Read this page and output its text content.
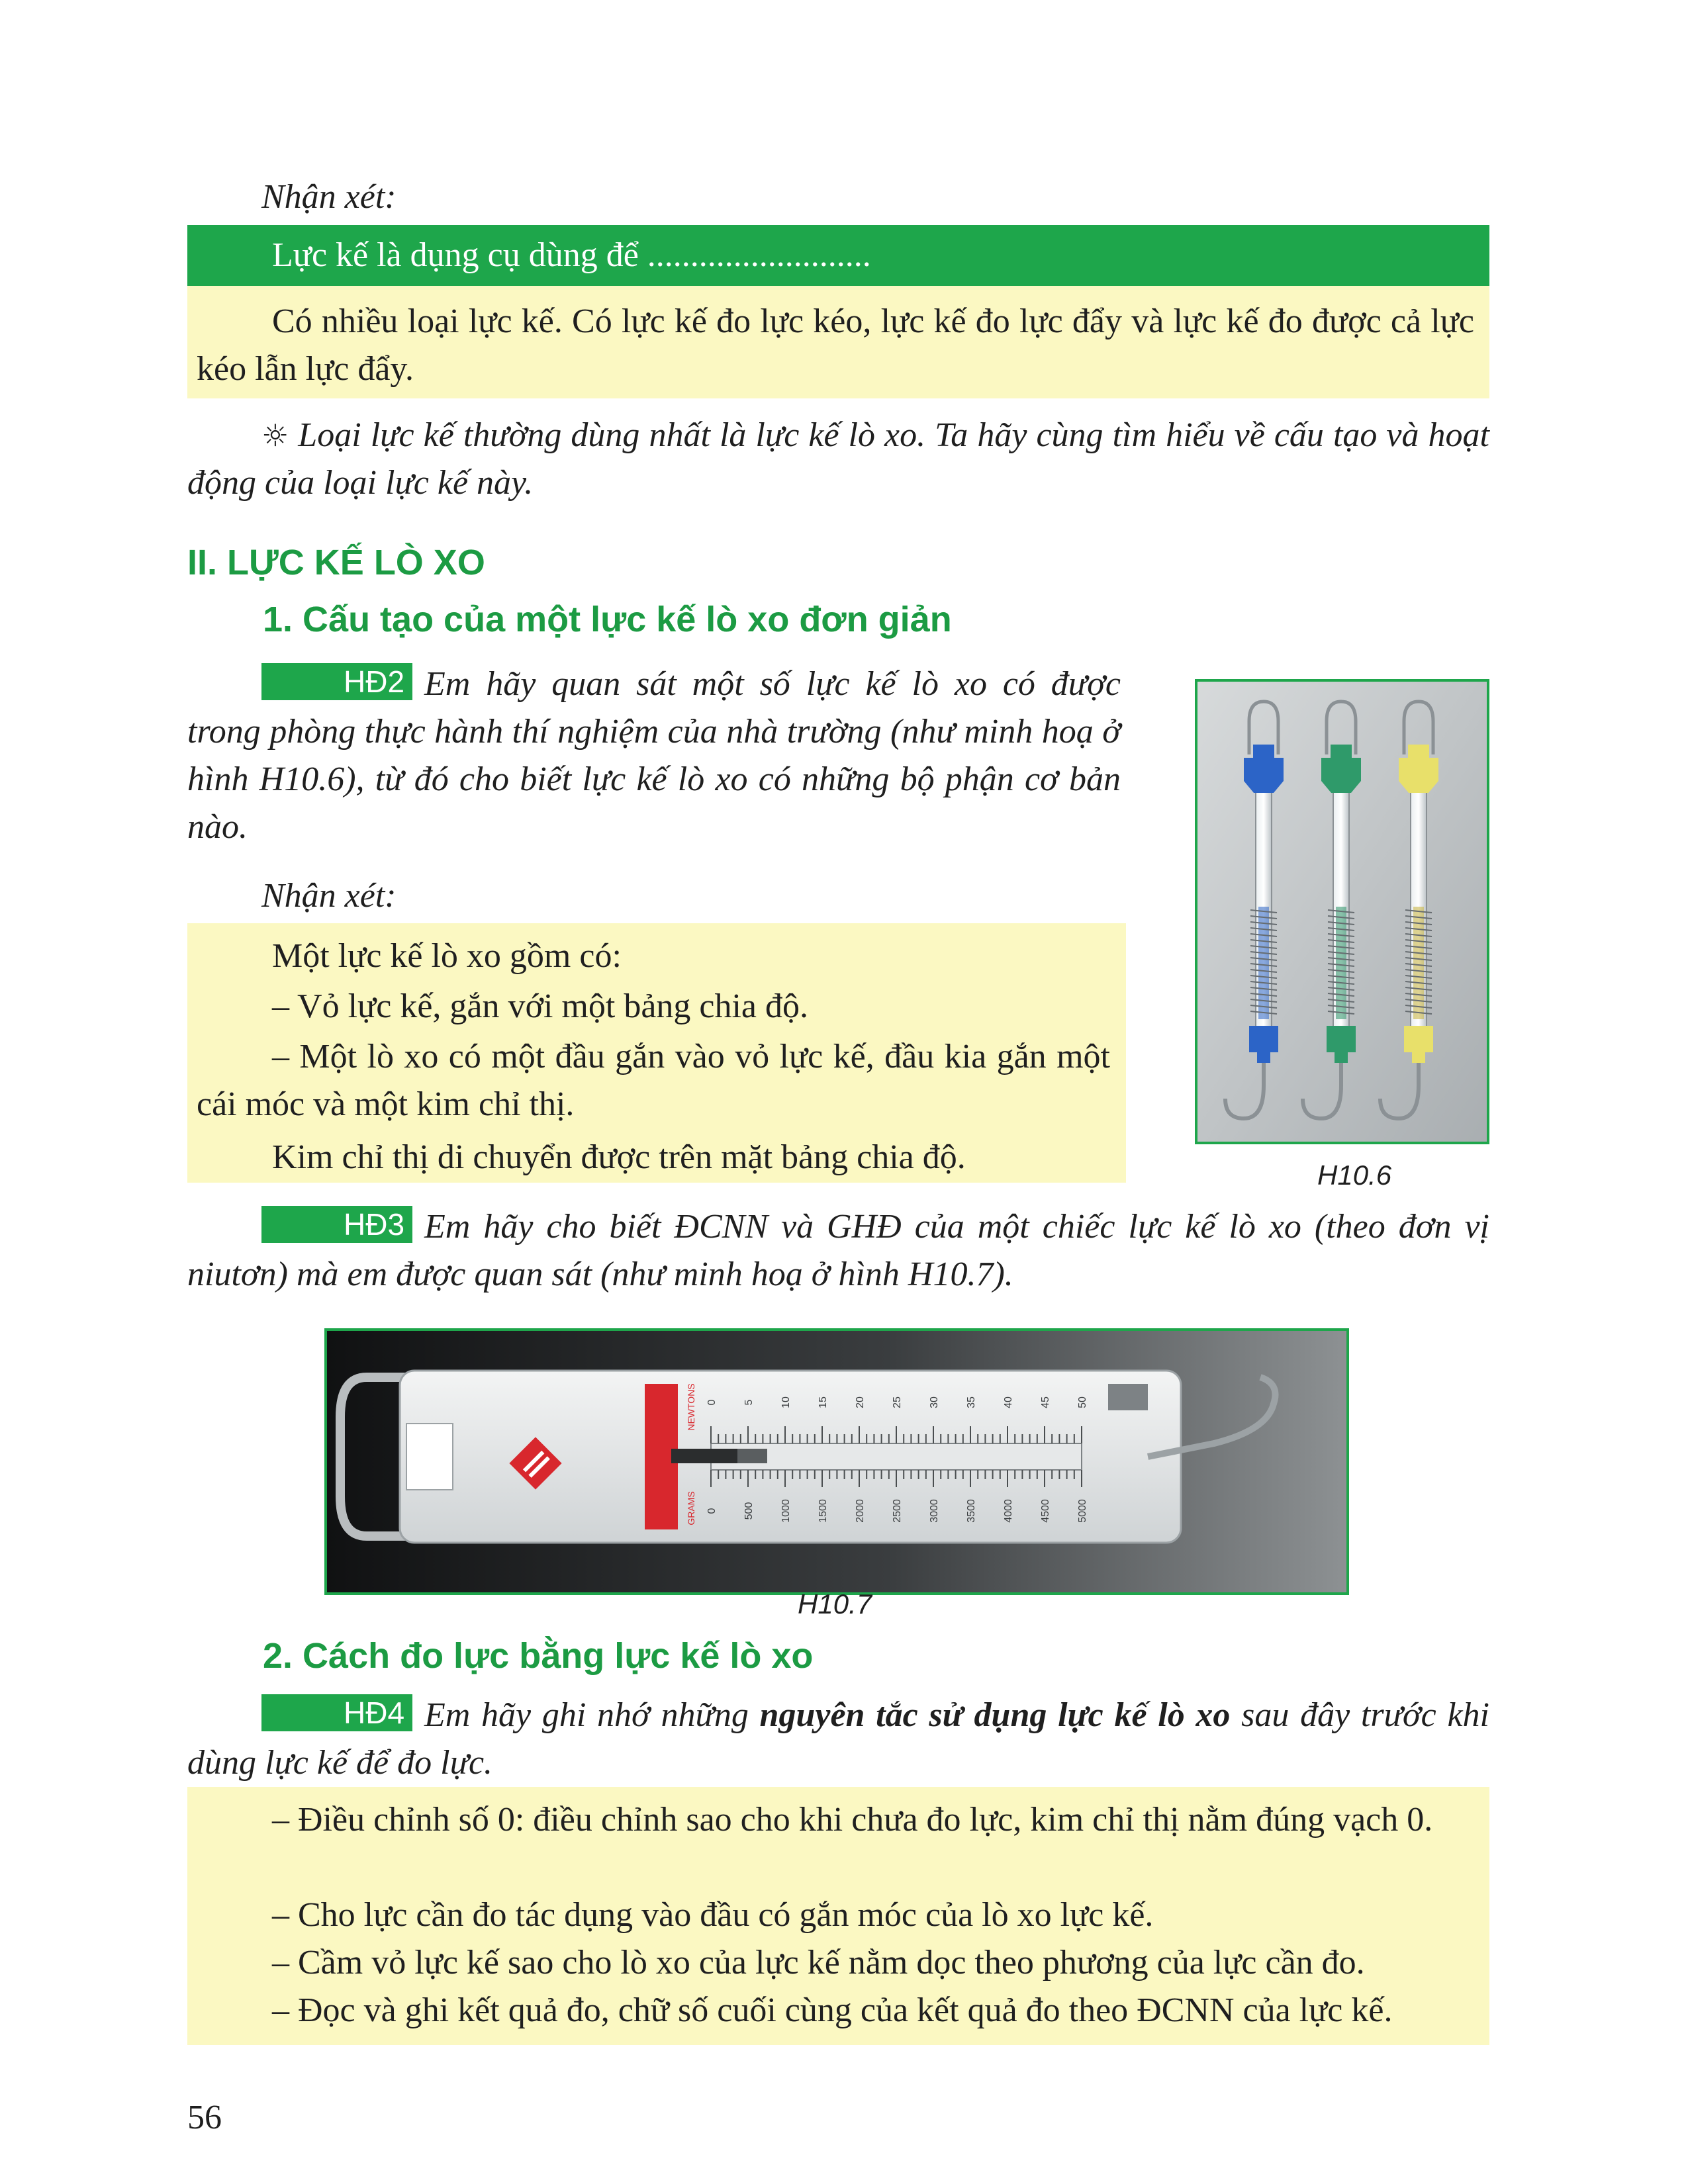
Nhận xét:
Lực kế là dụng cụ dùng để ..........................
Có nhiều loại lực kế. Có lực kế đo lực kéo, lực kế đo lực đẩy và lực kế đo được cả lực kéo lẫn lực đẩy.
☼ Loại lực kế thường dùng nhất là lực kế lò xo. Ta hãy cùng tìm hiểu về cấu tạo và hoạt động của loại lực kế này.
II. LỰC KẾ LÒ XO
1. Cấu tạo của một lực kế lò xo đơn giản
HĐ2 Em hãy quan sát một số lực kế lò xo có được trong phòng thực hành thí nghiệm của nhà trường (như minh hoạ ở hình H10.6), từ đó cho biết lực kế lò xo có những bộ phận cơ bản nào.
Nhận xét:
Một lực kế lò xo gồm có:
– Vỏ lực kế, gắn với một bảng chia độ.
– Một lò xo có một đầu gắn vào vỏ lực kế, đầu kia gắn một cái móc và một kim chỉ thị.
Kim chỉ thị di chuyển được trên mặt bảng chia độ.	H10.6
HĐ3 Em hãy cho biết ĐCNN và GHĐ của một chiếc lực kế lò xo (theo đơn vị niutơn) mà em được quan sát (như minh hoạ ở hình H10.7).
0 5 10 15 20 25 30 35 40 45 50
0 500 1000 1500 2000 2500 3000 3500 4000 4500 5000
NEWTONS
GRAMS
H10.7
2. Cách đo lực bằng lực kế lò xo
HĐ4 Em hãy ghi nhớ những nguyên tắc sử dụng lực kế lò xo sau đây trước khi dùng lực kế để đo lực.
– Điều chỉnh số 0: điều chỉnh sao cho khi chưa đo lực, kim chỉ thị nằm đúng vạch 0.
– Cho lực cần đo tác dụng vào đầu có gắn móc của lò xo lực kế.
– Cầm vỏ lực kế sao cho lò xo của lực kế nằm dọc theo phương của lực cần đo.
– Đọc và ghi kết quả đo, chữ số cuối cùng của kết quả đo theo ĐCNN của lực kế.
56
